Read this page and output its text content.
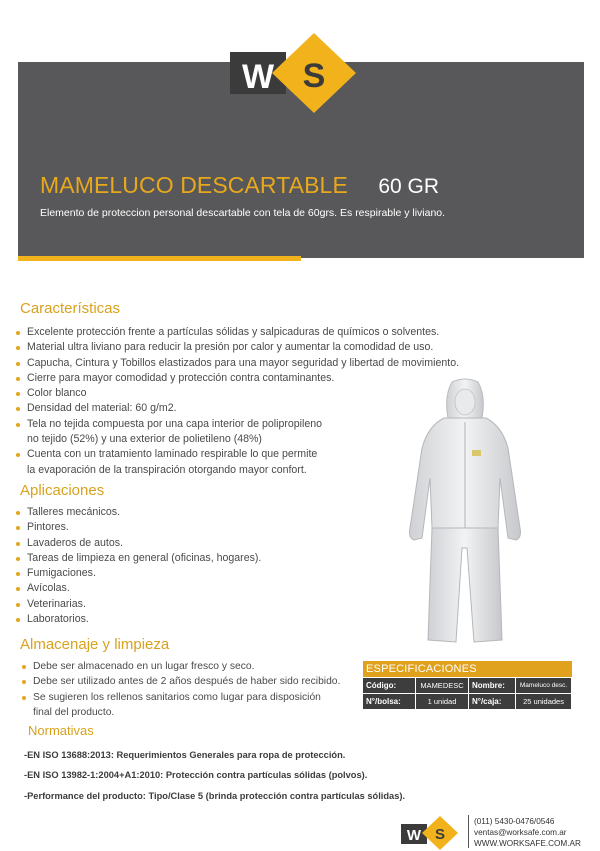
W S
MAMELUCO DESCARTABLE 60 GR
Elemento de proteccion personal descartable con tela de 60grs. Es respirable y liviano.
Características
Excelente protección frente a partículas sólidas y salpicaduras de químicos o solventes.
Material ultra liviano para reducir la presión por calor y aumentar la comodidad de uso.
Capucha, Cintura y Tobillos elastizados para una mayor seguridad y libertad de movimiento.
Cierre para mayor comodidad y protección contra contaminantes.
Color blanco
Densidad del material: 60 g/m2.
Tela no tejida compuesta por una capa interior de polipropileno
no tejido (52%) y una exterior de polietileno (48%)
Cuenta con un tratamiento laminado respirable lo que permite
la evaporación de la transpiración otorgando mayor confort.
Aplicaciones
Talleres mecánicos.
Pintores.
Lavaderos de autos.
Tareas de limpieza en general (oficinas, hogares).
Fumigaciones.
Avícolas.
Veterinarias.
Laboratorios.
Almacenaje y limpieza
Debe ser almacenado en un lugar fresco y seco.
Debe ser utilizado antes de 2 años después de haber sido recibido.
Se sugieren los rellenos sanitarios como lugar para disposición
final del producto.
ESPECIFICACIONES
Código:	MAMEDESC	Nombre:	Mameluco desc.
N°/bolsa:	1 unidad	N°/caja:	25 unidades
Normativas
-EN ISO 13688:2013: Requerimientos Generales para ropa de protección.
-EN ISO 13982-1:2004+A1:2010: Protección contra partículas sólidas (polvos).
-Performance del producto: Tipo/Clase 5 (brinda protección contra partículas sólidas).
W S
(011) 5430-0476/0546
ventas@worksafe.com.ar
WWW.WORKSAFE.COM.AR
